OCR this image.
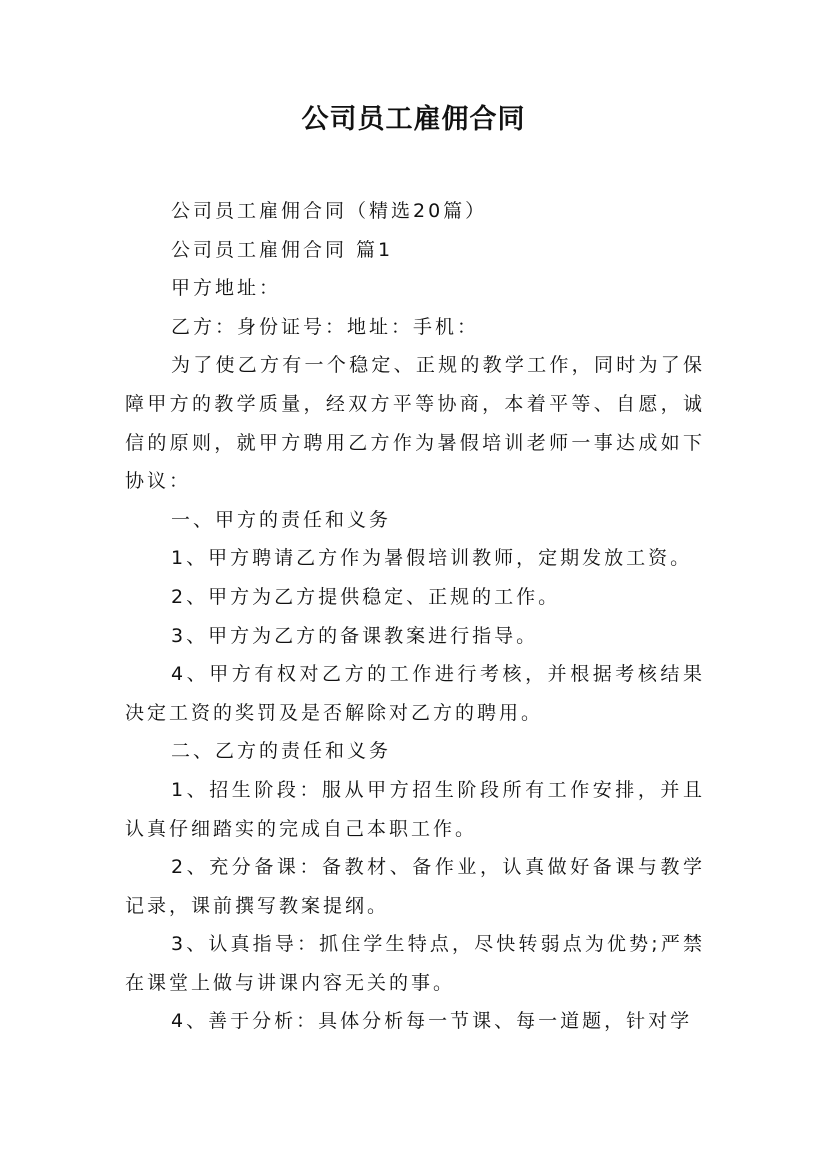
公司员工雇佣合同

公司员工雇佣合同（精选20篇）

公司员工雇佣合同 篇1

甲方地址：

乙方：身份证号：地址：手机：

为了使乙方有一个稳定、正规的教学工作，同时为了保障甲方的教学质量，经双方平等协商，本着平等、自愿，诚信的原则，就甲方聘用乙方作为暑假培训老师一事达成如下协议：

一、甲方的责任和义务

1、甲方聘请乙方作为暑假培训教师，定期发放工资。

2、甲方为乙方提供稳定、正规的工作。

3、甲方为乙方的备课教案进行指导。

4、甲方有权对乙方的工作进行考核，并根据考核结果决定工资的奖罚及是否解除对乙方的聘用。

二、乙方的责任和义务

1、招生阶段：服从甲方招生阶段所有工作安排，并且认真仔细踏实的完成自己本职工作。

2、充分备课：备教材、备作业，认真做好备课与教学记录，课前撰写教案提纲。

3、认真指导：抓住学生特点，尽快转弱点为优势;严禁在课堂上做与讲课内容无关的事。

4、善于分析：具体分析每一节课、每一道题，针对学
